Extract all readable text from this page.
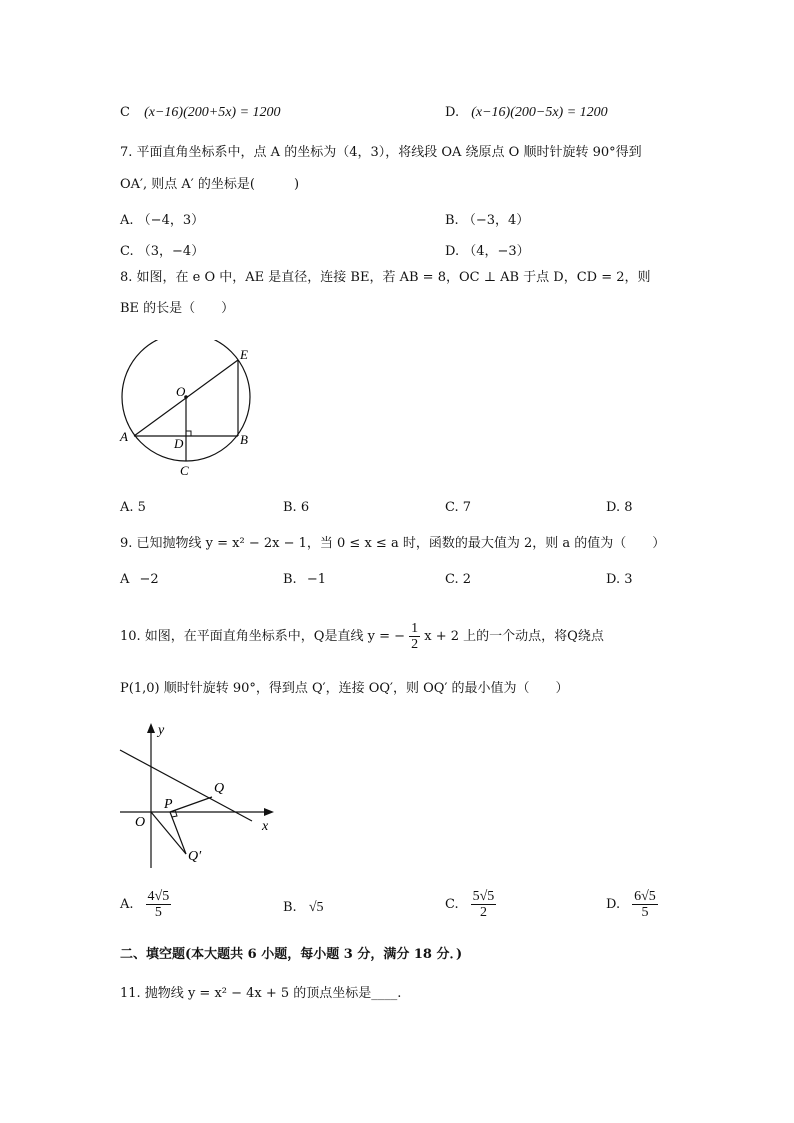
C (x−16)(200+5x) = 1200	D. (x−16)(200−5x) = 1200
7. 平面直角坐标系中，点 A 的坐标为（4，3），将线段 OA 绕原点 O 顺时针旋转 90°得到
OA′, 则点 A′ 的坐标是(　　　)
A. （−4，3）	B. （−3，4）
C. （3，−4）	D. （4，−3）
8. 如图，在 e O 中，AE 是直径，连接 BE，若 AB = 8，OC ⊥ AB 于点 D，CD = 2，则
BE 的长是（　　）
E
O
A	D	B
C
A. 5	B. 6	C. 7	D. 8
9. 已知抛物线 y = x² − 2x − 1，当 0 ≤ x ≤ a 时，函数的最大值为 2，则 a 的值为（　　）
A −2	B. −1	C. 2	D. 3
10. 如图，在平面直角坐标系中，Q是直线 y = − $\frac{1}{2}$ x + 2 上的一个动点，将Q绕点
P(1,0) 顺时针旋转 90°，得到点 Q′，连接 OQ′，则 OQ′ 的最小值为（　　）
y
x
O
P
Q
Q′
A. $\frac{4√5}{5}$	B. √5	C. $\frac{5√5}{2}$	D. $\frac{6√5}{5}$
二、填空题(本大题共 6 小题，每小题 3 分，满分 18 分．)
11. 抛物线 y = x² − 4x + 5 的顶点坐标是____.
